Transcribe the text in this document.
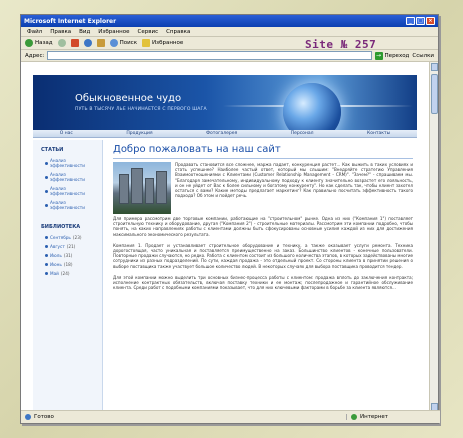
Microsoft Internet Explorer	_	□	×
Файл Правка Вид Избранное Сервис Справка
Назад	Поиск	Избранное
Адрес:	→ Переход Ссылки
Обыкновенное чудо
ПУТЬ В ТЫСЯЧУ ЛЬЕ НАЧИНАЕТСЯ С ПЕРВОГО ШАГА
О нас	Продукция	Фотогалерея	Персонал	Контакты
СТАТЬИ
Анализ эффективности
Анализ эффективности
Анализ эффективности
Анализ эффективности
БИБЛИОТЕКА
Сентябрь (23)
Август (21)
Июль (31)
Июнь (18)
Май (24)
Добро пожаловать на наш сайт

Продавать становится все сложнее, маржа падает, конкуренция растет... Как выжить в таких условиях и стать успешнее? Наиболее частый ответ, который мы слышим: "Внедряйте стратегию Управления Взаимоотношениями с Клиентами (Customer Relationship Management - CRM)". "Зачем?" - спрашиваем мы. "Благодаря замечательному, индивидуальному подходу к клиенту значительно возрастет его лояльность, и он не уйдет от Вас к более сильному и богатому конкуренту". Но как сделать так, чтобы клиент захотел остаться с вами? Какие методы предлагает маркетинг? Как правильно посчитать эффективность такого подхода? Об этом и пойдет речь.

Для примера рассмотрим две торговые компании, работающие на "строительном" рынке. Одна из них ("Компания 1") поставляет строительную технику и оборудование, другая ("Компания 2") - строительные материалы. Рассмотрим эти компании подробно, чтобы понять, на каких направлениях работы с клиентами должны быть сфокусированы основные усилия каждой из них для достижения максимального экономического результата.

Компания 1. Продает и устанавливает строительное оборудование и технику, а также оказывает услуги ремонта. Техника дорогостоящая, часто уникальная и поставляется преимущественно на заказ. Большинство клиентов - конечные пользователи. Повторные продажи случаются, но редко. Работа с клиентом состоит из большого количества этапов, в которых задействованы многие сотрудники из разных подразделений. По сути, каждая продажа - это отдельный проект. Со стороны клиента в принятии решения о выборе поставщика также участвует большое количество людей. В некоторых случаях для выбора поставщика проводится тендер.

Для этой компании можно выделить три основных бизнес-процесса работы с клиентом: продажа вплоть до заключения контракта; исполнение контрактных обязательств, включая поставку техники и ее монтаж; послепродажное и гарантийное обслуживание клиента. Среди работ с подобными компаниями показывает, что для них ключевыми факторами в борьбе за клиента являются...

Готово	Интернет
Site № 257
